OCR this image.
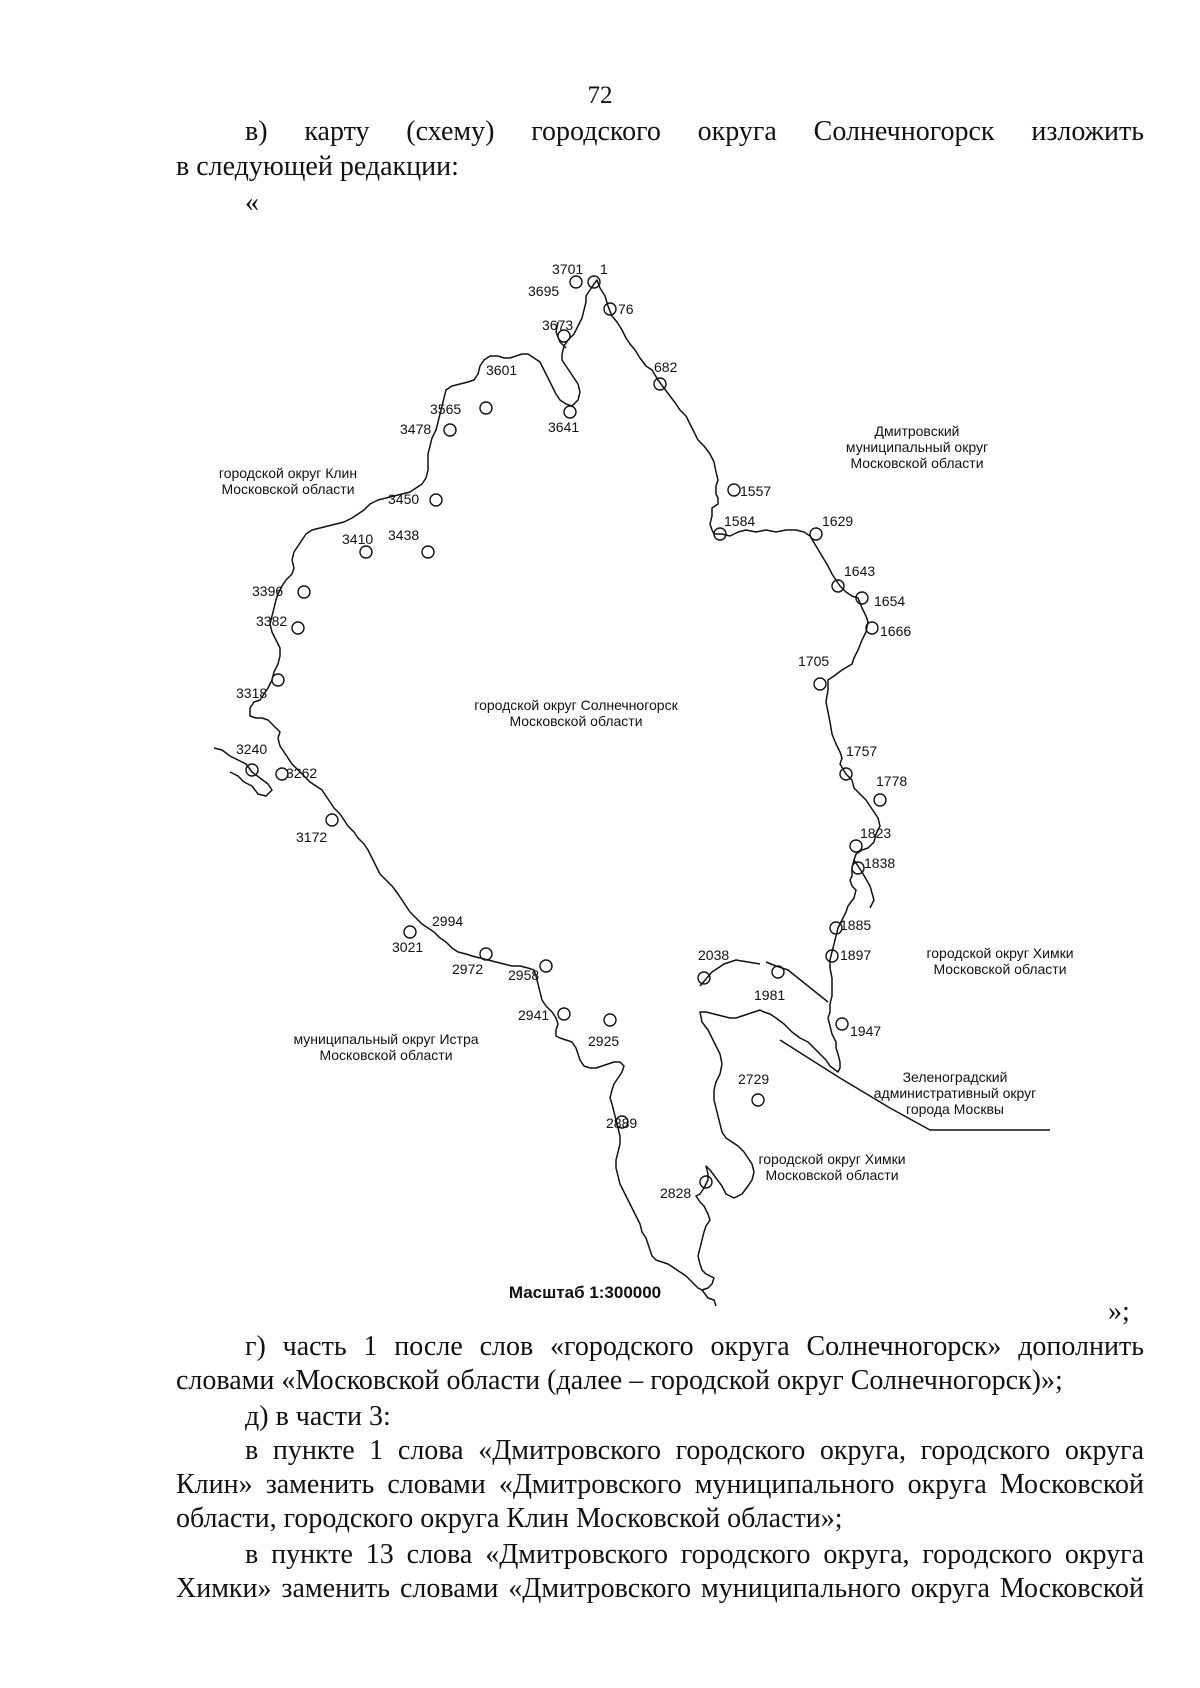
72
в) карту (схему) городского округа Солнечногорск изложить
в следующей редакции:
«
3701 1
3695
76
3673
682
3601
3565
3641
3478
1557
3450
1584	1629
3410 3438
1643
3396
1654
3382
1666
1705
3318
3240
3262
1757
1778
3172	1823
1838
2994
3021
1885
2038	1897
2972 2958
1981
2941
1947
2925
2729
2889
2828
Дмитровский
муниципальный округ
Московской области
городской округ Клин
Московской области
городской округ Солнечногорск
Московской области
городской округ Химки
Московской области
муниципальный округ Истра
Московской области
Зеленоградский
административный округ
города Москвы
городской округ Химки
Московской области
Масштаб 1:300000
»;
г) часть 1 после слов «городского округа Солнечногорск» дополнить
словами «Московской области (далее – городской округ Солнечногорск)»;
д) в части 3:
в пункте 1 слова «Дмитровского городского округа, городского округа
Клин» заменить словами «Дмитровского муниципального округа Московской
области, городского округа Клин Московской области»;
в пункте 13 слова «Дмитровского городского округа, городского округа
Химки» заменить словами «Дмитровского муниципального округа Московской
